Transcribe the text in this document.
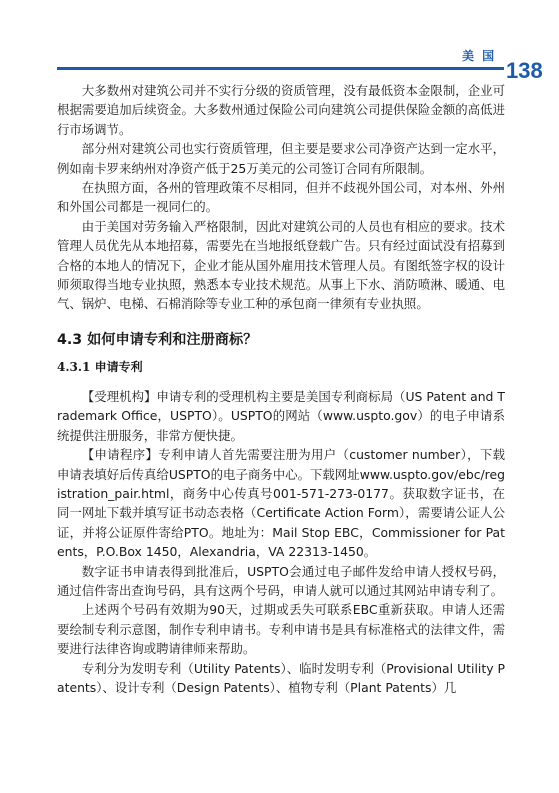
美 国
138

大多数州对建筑公司并不实行分级的资质管理，没有最低资本金限制，企业可根据需要追加后续资金。大多数州通过保险公司向建筑公司提供保险金额的高低进行市场调节。

部分州对建筑公司也实行资质管理，但主要是要求公司净资产达到一定水平，例如南卡罗来纳州对净资产低于25万美元的公司签订合同有所限制。

在执照方面，各州的管理政策不尽相同，但并不歧视外国公司，对本州、外州和外国公司都是一视同仁的。

由于美国对劳务输入严格限制，因此对建筑公司的人员也有相应的要求。技术管理人员优先从本地招募，需要先在当地报纸登载广告。只有经过面试没有招募到合格的本地人的情况下，企业才能从国外雇用技术管理人员。有图纸签字权的设计师须取得当地专业执照，熟悉本专业技术规范。从事上下水、消防喷淋、暖通、电气、锅炉、电梯、石棉消除等专业工种的承包商一律须有专业执照。

4.3 如何申请专利和注册商标？
4.3.1 申请专利

【受理机构】申请专利的受理机构主要是美国专利商标局（US Patent and Trademark Office，USPTO）。USPTO的网站（www.uspto.gov）的电子申请系统提供注册服务，非常方便快捷。

【申请程序】专利申请人首先需要注册为用户（customer number），下载申请表填好后传真给USPTO的电子商务中心。下载网址www.uspto.gov/ebc/registration_pair.html，商务中心传真号001-571-273-0177。获取数字证书，在同一网址下载并填写证书动态表格（Certificate Action Form），需要请公证人公证，并将公证原件寄给PTO。地址为：Mail Stop EBC，Commissioner for Patents，P.O.Box 1450，Alexandria，VA 22313-1450。

数字证书申请表得到批准后，USPTO会通过电子邮件发给申请人授权号码，通过信件寄出查询号码，具有这两个号码，申请人就可以通过其网站申请专利了。

上述两个号码有效期为90天，过期或丢失可联系EBC重新获取。申请人还需要绘制专利示意图，制作专利申请书。专利申请书是具有标准格式的法律文件，需要进行法律咨询或聘请律师来帮助。

专利分为发明专利（Utility Patents）、临时发明专利（Provisional Utility Patents）、设计专利（Design Patents）、植物专利（Plant Patents）几
